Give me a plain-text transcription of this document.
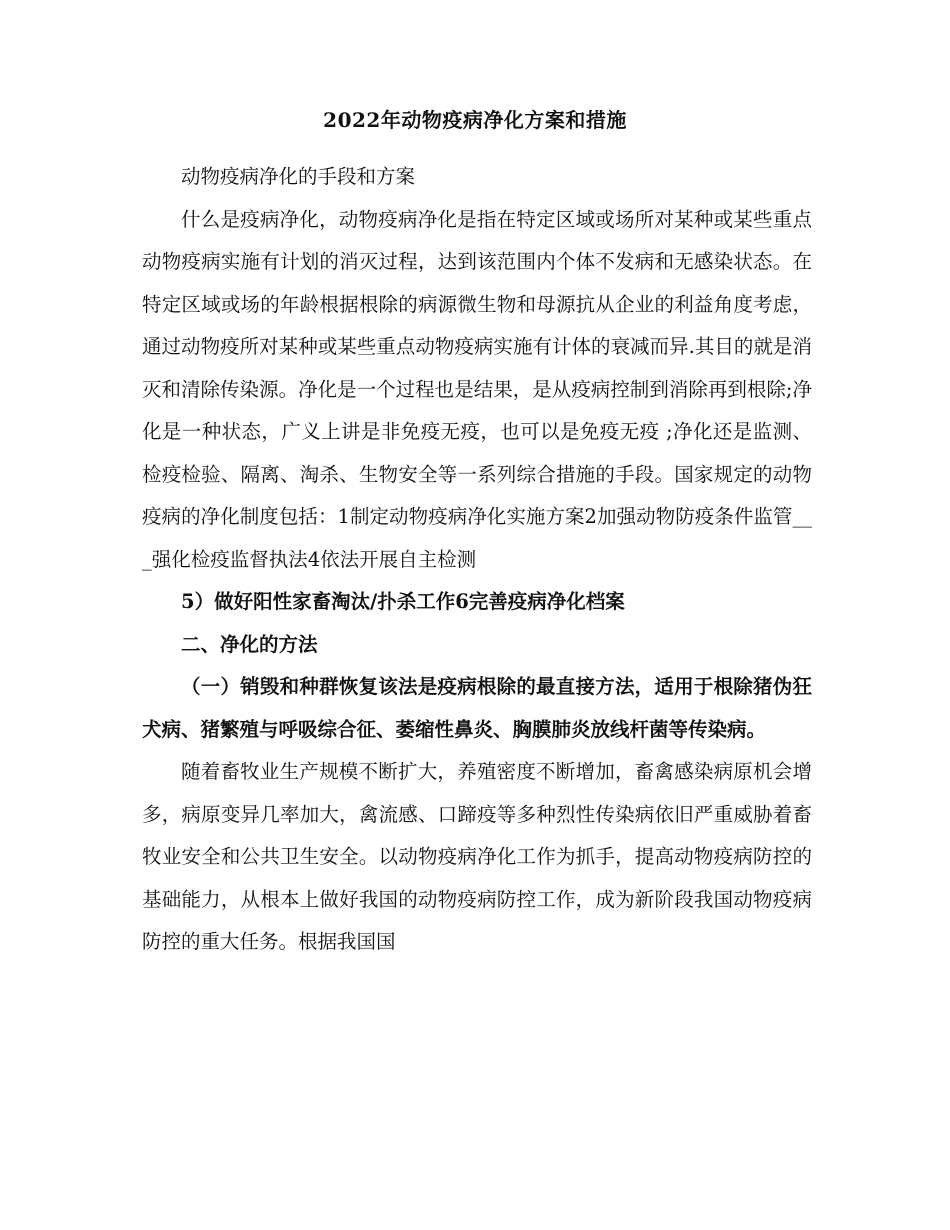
2022年动物疫病净化方案和措施

动物疫病净化的手段和方案

什么是疫病净化，动物疫病净化是指在特定区域或场所对某种或某些重点动物疫病实施有计划的消灭过程，达到该范围内个体不发病和无感染状态。在特定区域或场的年龄根据根除的病源微生物和母源抗从企业的利益角度考虑，通过动物疫所对某种或某些重点动物疫病实施有计体的衰减而异.其目的就是消灭和清除传染源。净化是一个过程也是结果，是从疫病控制到消除再到根除;净化是一种状态，广义上讲是非免疫无疫，也可以是免疫无疫 ;净化还是监测、检疫检验、隔离、淘杀、生物安全等一系列综合措施的手段。国家规定的动物疫病的净化制度包括：1制定动物疫病净化实施方案2加强动物防疫条件监管___强化检疫监督执法4依法开展自主检测

5）做好阳性家畜淘汰/扑杀工作6完善疫病净化档案

二、净化的方法

（一）销毁和种群恢复该法是疫病根除的最直接方法，适用于根除猪伪狂犬病、猪繁殖与呼吸综合征、萎缩性鼻炎、胸膜肺炎放线杆菌等传染病。

随着畜牧业生产规模不断扩大，养殖密度不断增加，畜禽感染病原机会增多，病原变异几率加大，禽流感、口蹄疫等多种烈性传染病依旧严重威胁着畜牧业安全和公共卫生安全。以动物疫病净化工作为抓手，提高动物疫病防控的基础能力，从根本上做好我国的动物疫病防控工作，成为新阶段我国动物疫病防控的重大任务。根据我国国
